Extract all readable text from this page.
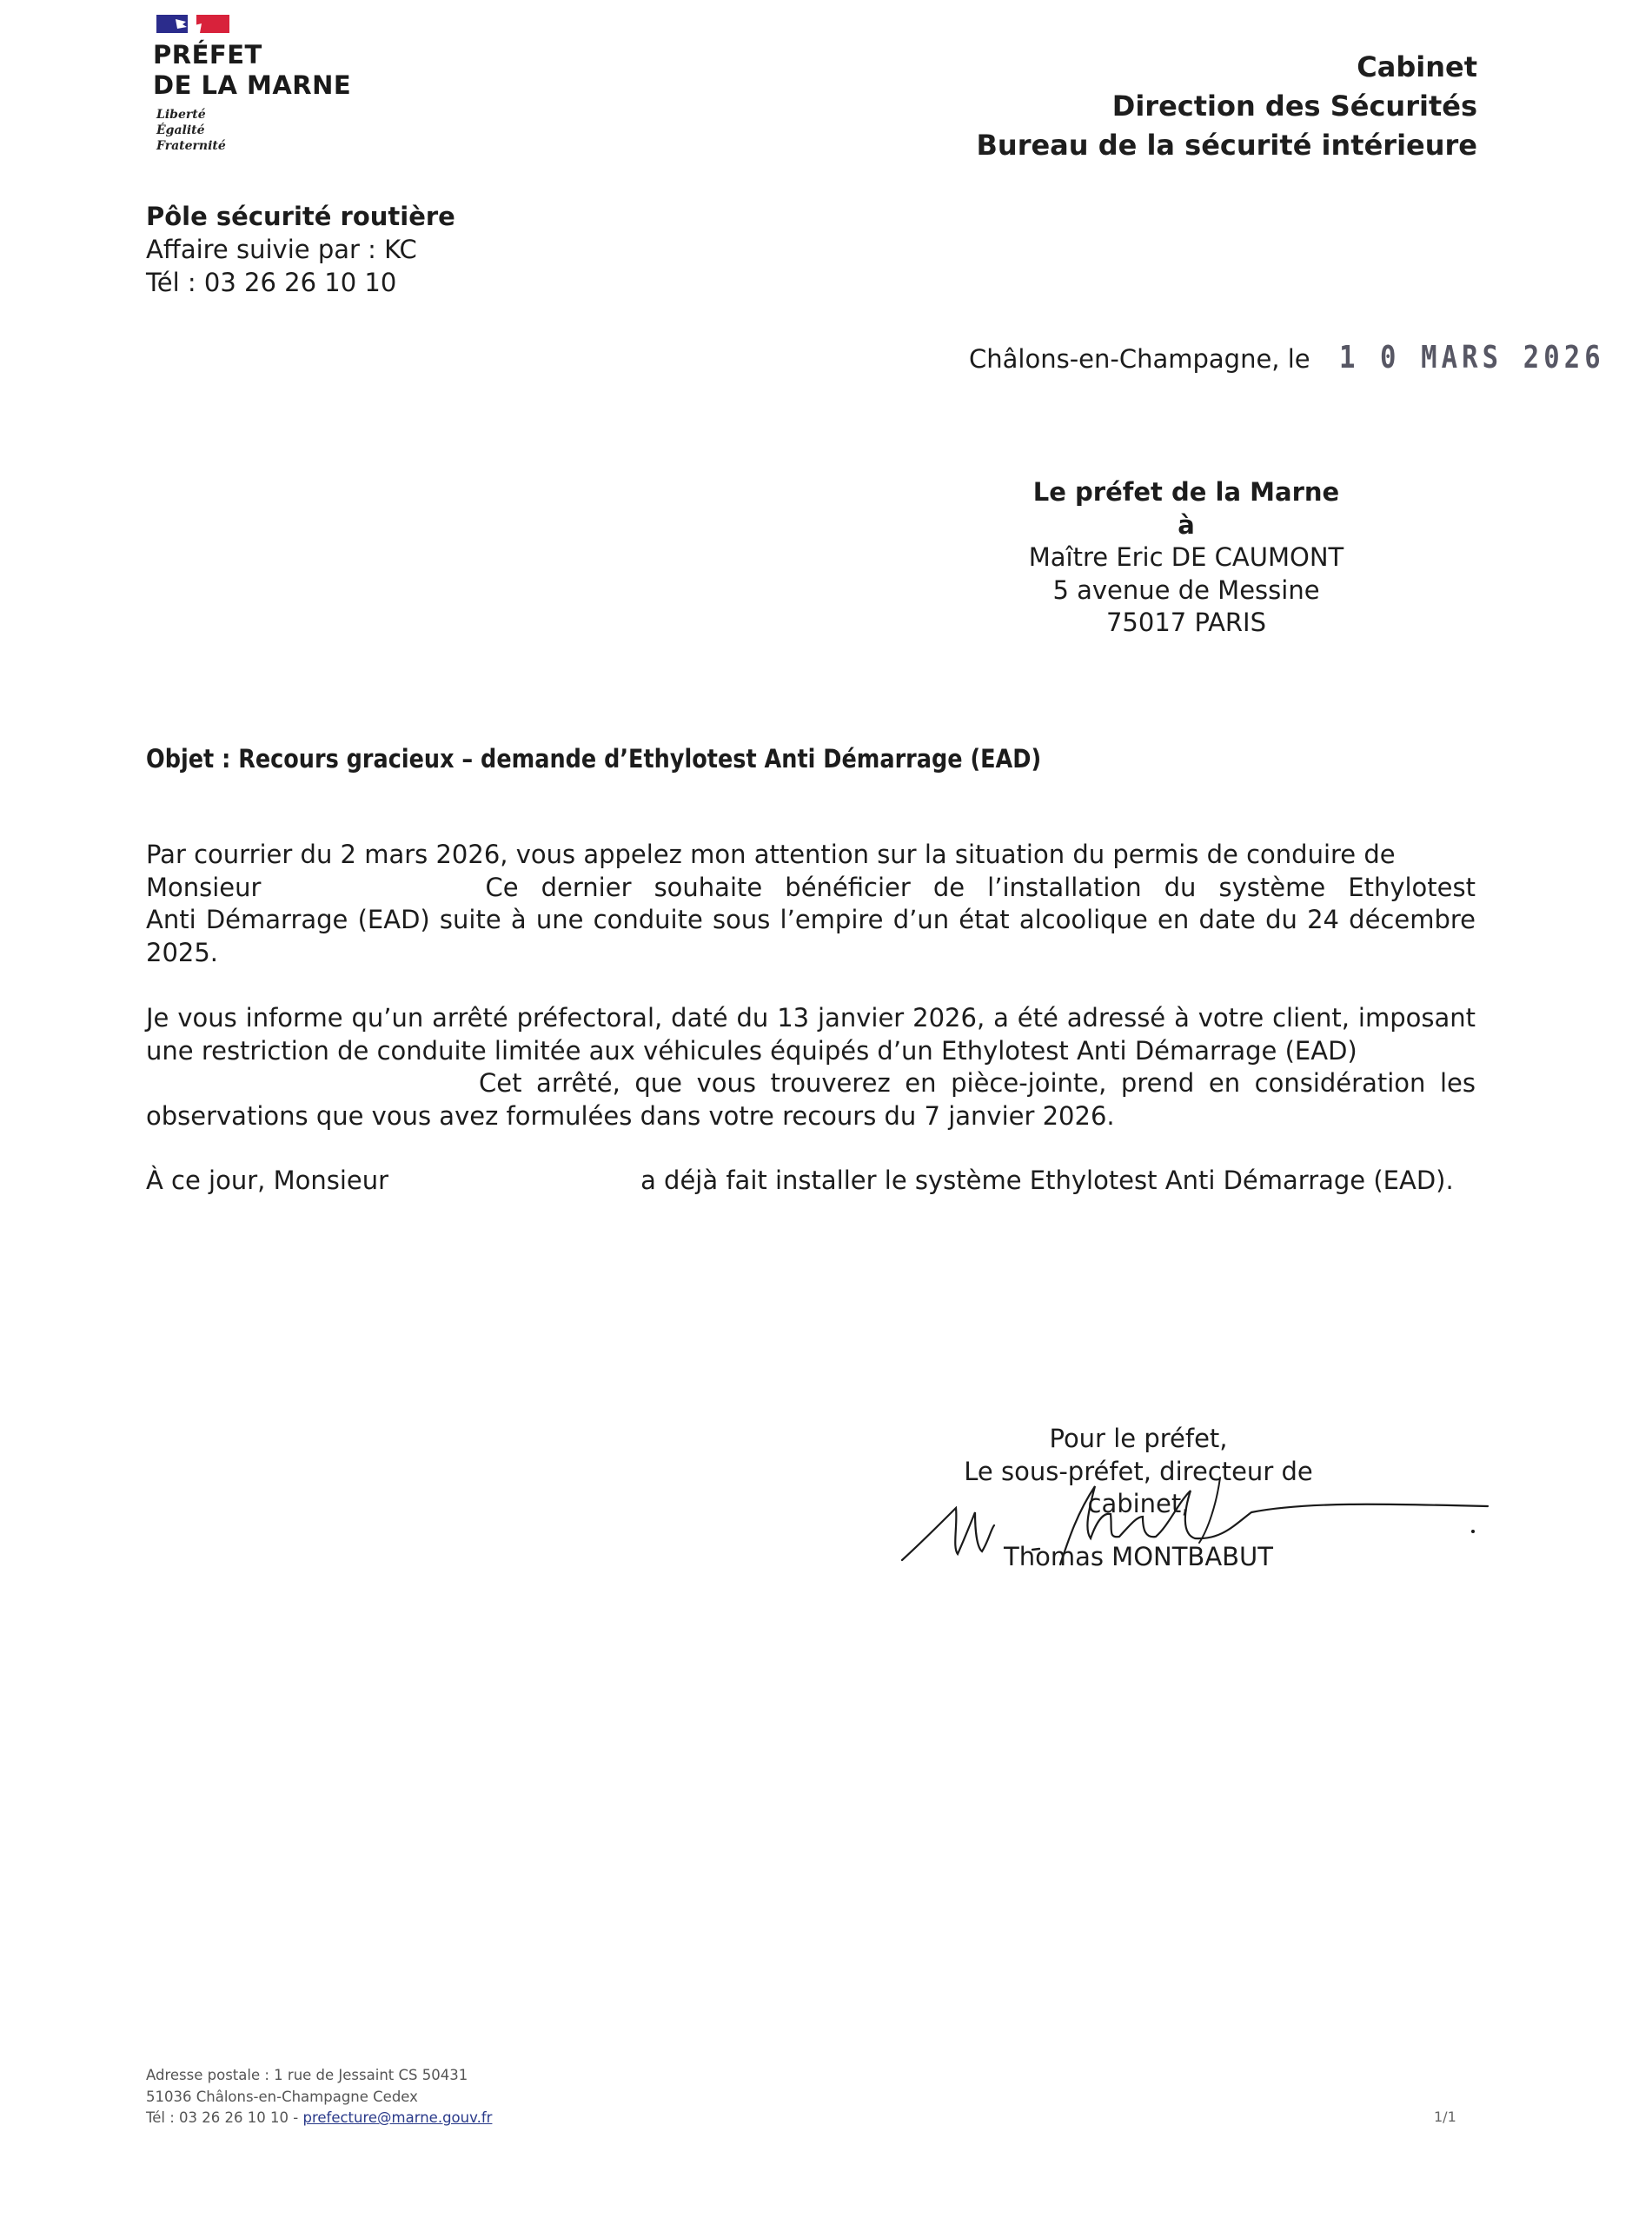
PRÉFET
DE LA MARNE
Liberté
Égalité
Fraternité
Cabinet
Direction des Sécurités
Bureau de la sécurité intérieure
Pôle sécurité routière
Affaire suivie par : KC
Tél : 03 26 26 10 10
Châlons-en-Champagne, le 1 0 MARS 2026
Le préfet de la Marne
à
Maître Eric DE CAUMONT
5 avenue de Messine
75017 PARIS
Objet : Recours gracieux – demande d’Ethylotest Anti Démarrage (EAD)
Par courrier du 2 mars 2026, vous appelez mon attention sur la situation du permis de conduire de
Monsieur	Ce dernier souhaite bénéficier de l’installation du système Ethylotest
Anti Démarrage (EAD) suite à une conduite sous l’empire d’un état alcoolique en date du 24 décembre
2025.
Je vous informe qu’un arrêté préfectoral, daté du 13 janvier 2026, a été adressé à votre client, imposant
une restriction de conduite limitée aux véhicules équipés d’un Ethylotest Anti Démarrage (EAD)
Cet arrêté, que vous trouverez en pièce-jointe, prend en considération les
observations que vous avez formulées dans votre recours du 7 janvier 2026.
À ce jour, Monsieur	a déjà fait installer le système Ethylotest Anti Démarrage (EAD).
Pour le préfet,
Le sous-préfet, directeur de cabinet,
Thomas MONTBABUT
Adresse postale : 1 rue de Jessaint CS 50431
51036 Châlons-en-Champagne Cedex
Tél : 03 26 26 10 10 - prefecture@marne.gouv.fr	1/1
